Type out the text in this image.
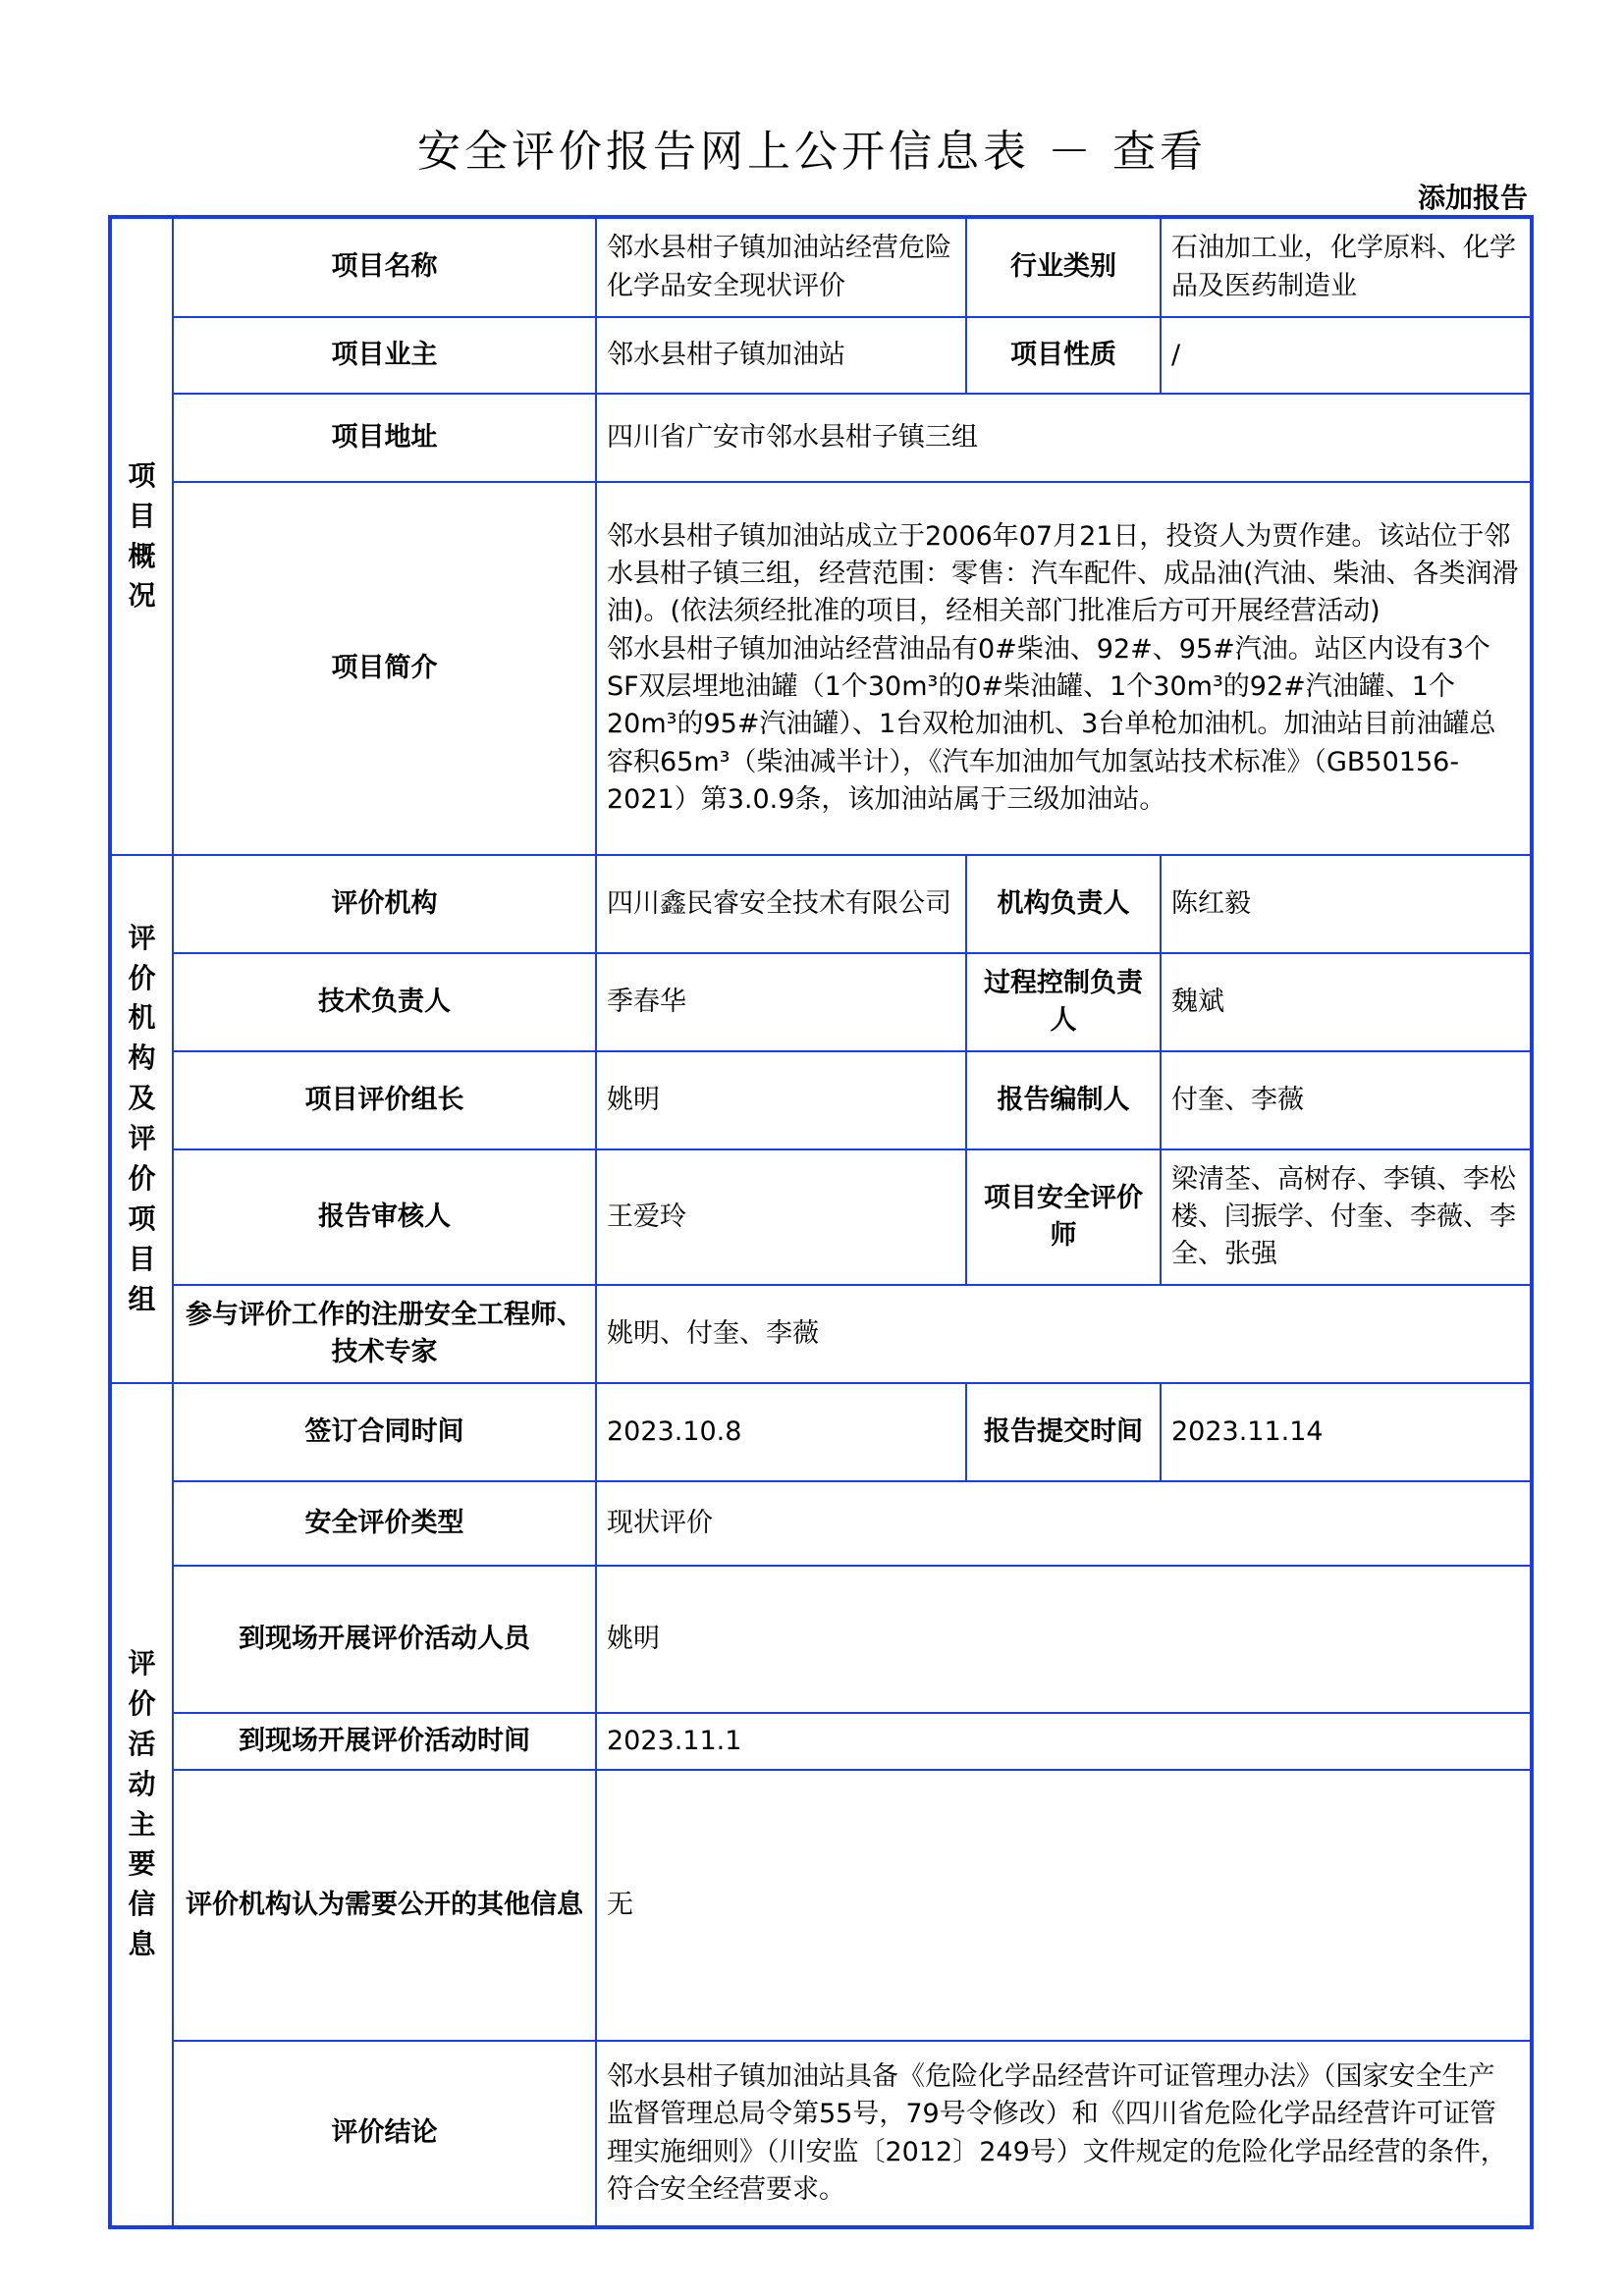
安全评价报告网上公开信息表 － 查看
添加报告
项目概况	项目名称	邻水县柑子镇加油站经营危险化学品安全现状评价	行业类别	石油加工业，化学原料、化学品及医药制造业
	项目业主	邻水县柑子镇加油站	项目性质	/
	项目地址	四川省广安市邻水县柑子镇三组		
	项目简介	邻水县柑子镇加油站成立于2006年07月21日，投资人为贾作建。该站位于邻水县柑子镇三组，经营范围：零售：汽车配件、成品油(汽油、柴油、各类润滑油)。(依法须经批准的项目，经相关部门批准后方可开展经营活动)
邻水县柑子镇加油站经营油品有0#柴油、92#、95#汽油。站区内设有3个SF双层埋地油罐（1个30m³的0#柴油罐、1个30m³的92#汽油罐、1个20m³的95#汽油罐）、1台双枪加油机、3台单枪加油机。加油站目前油罐总容积65m³（柴油减半计），《汽车加油加气加氢站技术标准》（GB50156-2021）第3.0.9条，该加油站属于三级加油站。		

评价机构及评价项目组	评价机构	四川鑫民睿安全技术有限公司	机构负责人	陈红毅
	技术负责人	季春华	过程控制负责人	魏斌
	项目评价组长	姚明	报告编制人	付奎、李薇
	报告审核人	王爱玲	项目安全评价师	梁清荃、高树存、李镇、李松楼、闫振学、付奎、李薇、李全、张强
	参与评价工作的注册安全工程师、技术专家	姚明、付奎、李薇		
评价活动主要信息	签订合同时间	2023.10.8	报告提交时间	2023.11.14
	安全评价类型	现状评价		
	到现场开展评价活动人员	姚明		
	到现场开展评价活动时间	2023.11.1		
	评价机构认为需要公开的其他信息	无		
	评价结论	邻水县柑子镇加油站具备《危险化学品经营许可证管理办法》（国家安全生产监督管理总局令第55号，79号令修改）和《四川省危险化学品经营许可证管理实施细则》（川安监〔2012〕249号）文件规定的危险化学品经营的条件，符合安全经营要求。		
